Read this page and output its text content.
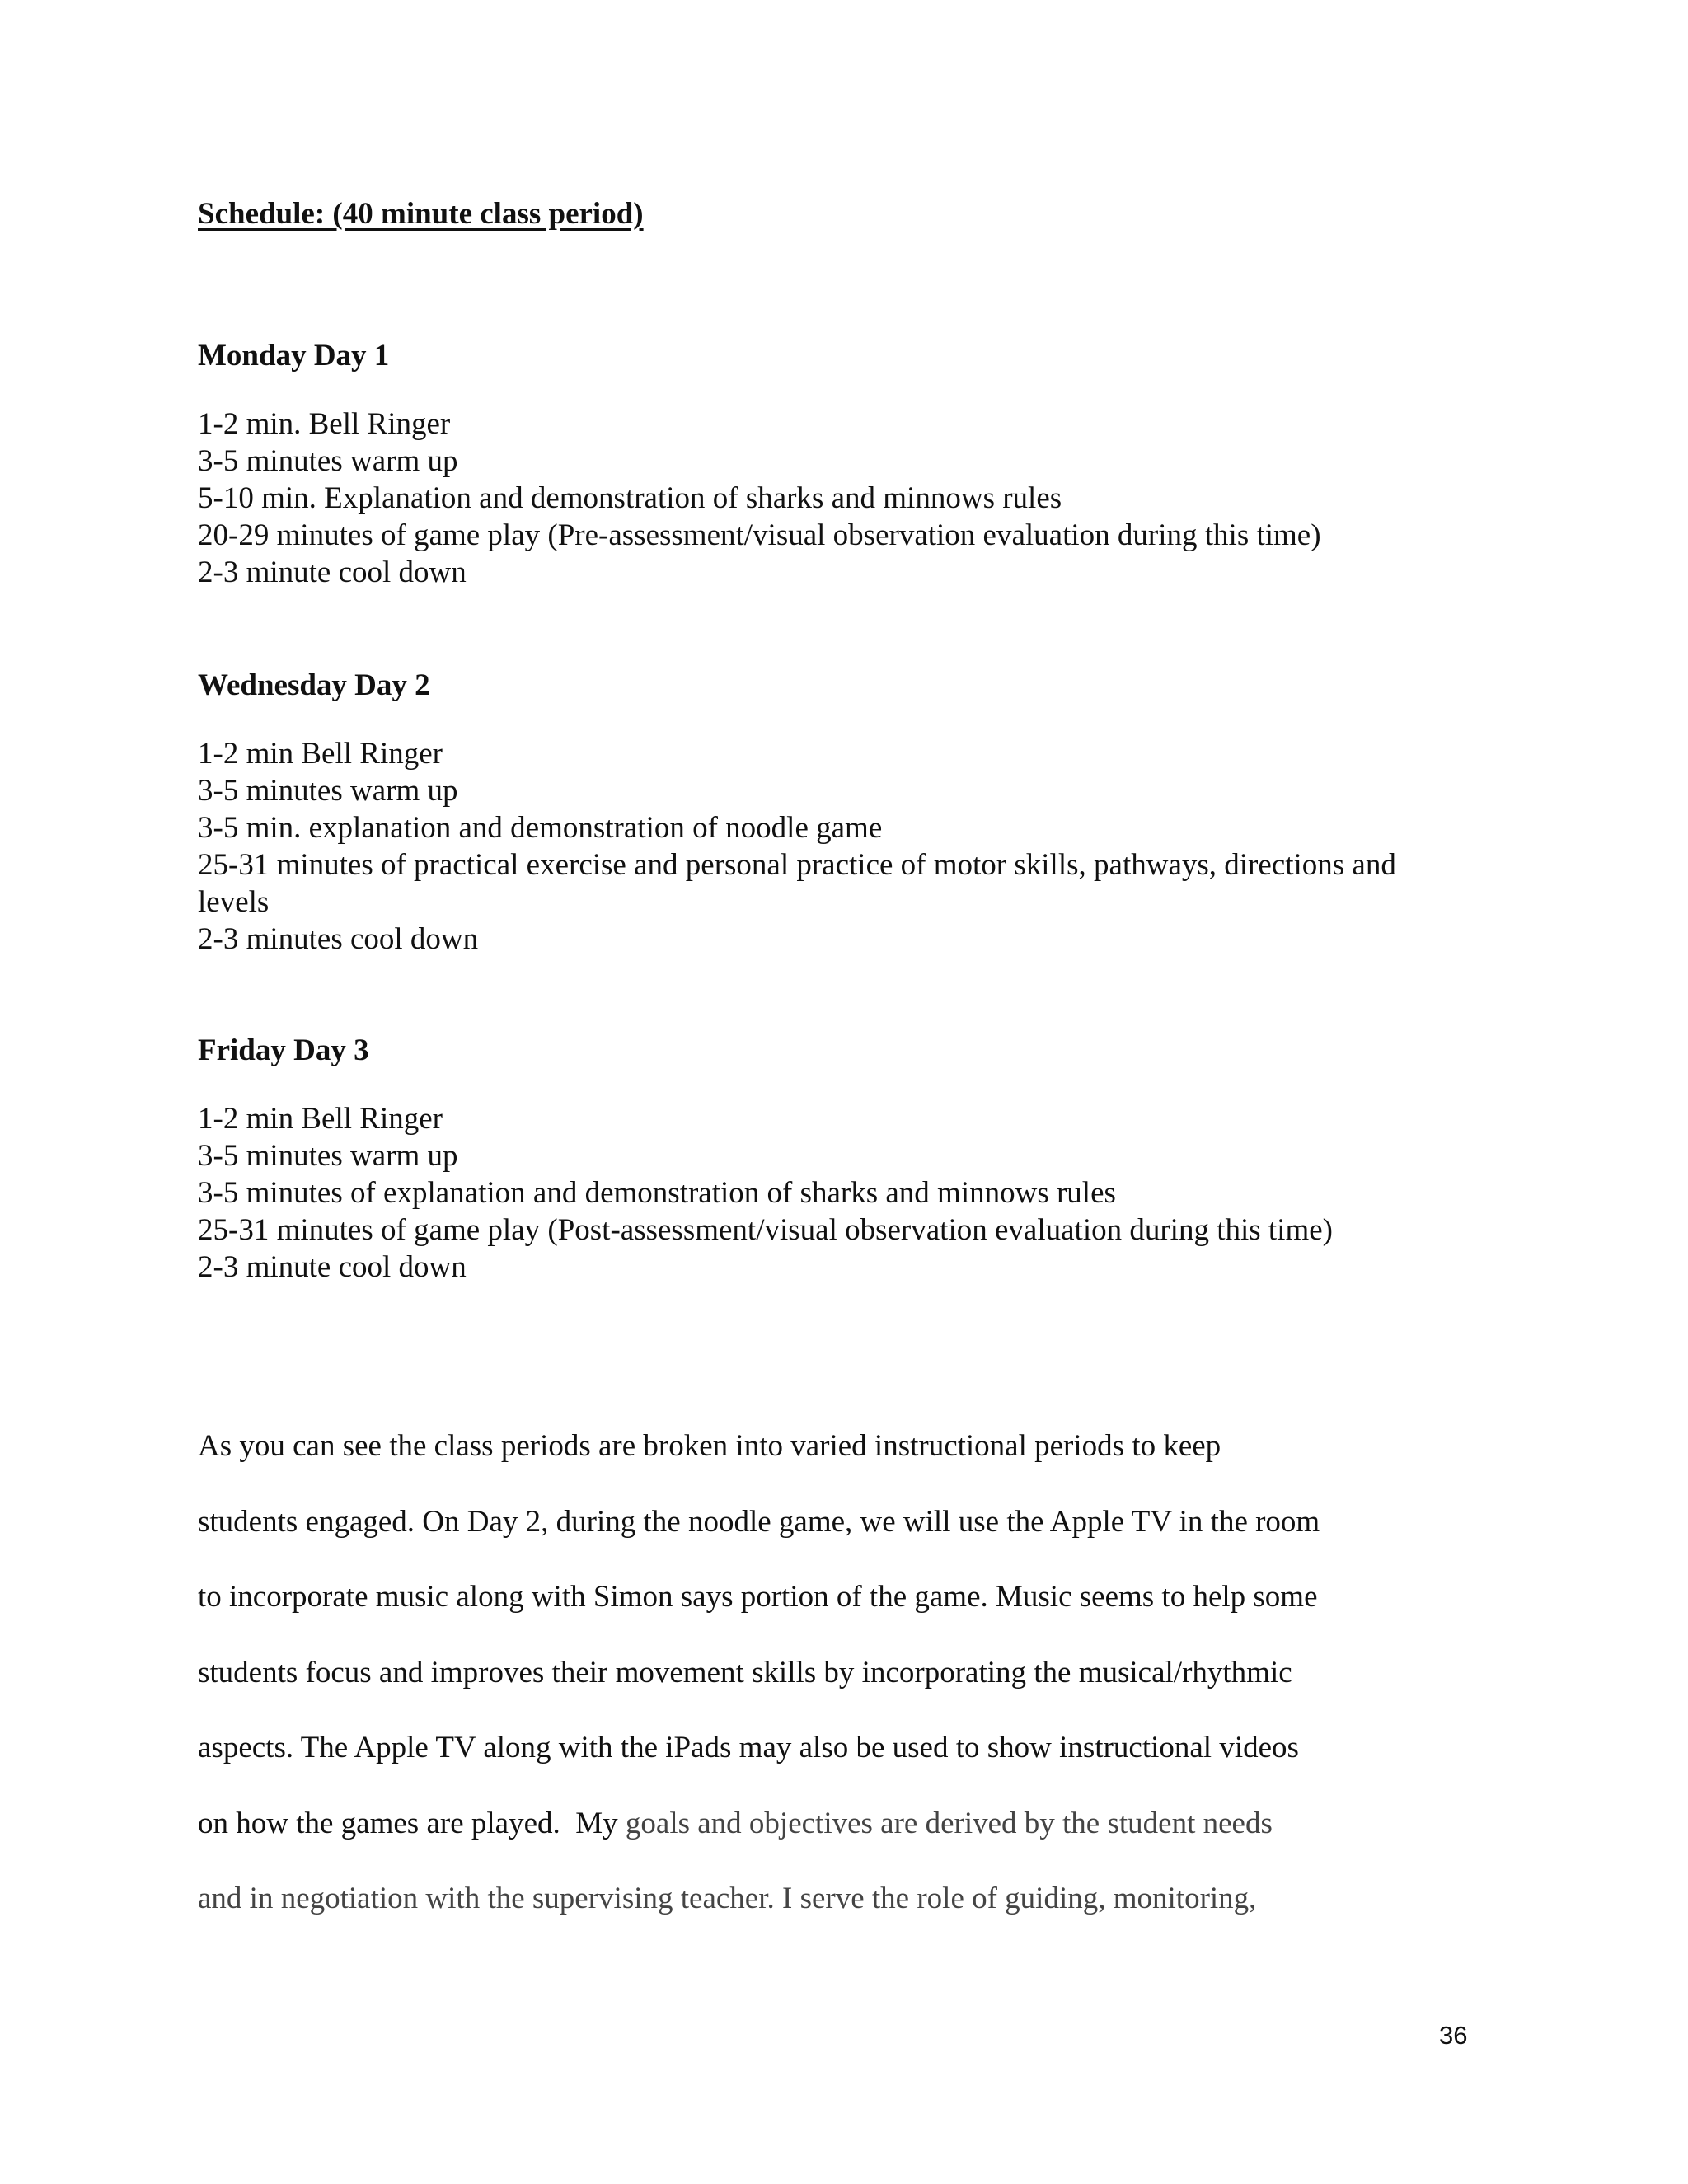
Schedule: (40 minute class period)
Monday Day 1
1-2 min. Bell Ringer
3-5 minutes warm up
5-10 min. Explanation and demonstration of sharks and minnows rules
20-29 minutes of game play (Pre-assessment/visual observation evaluation during this time)
2-3 minute cool down
Wednesday Day 2
1-2 min Bell Ringer
3-5 minutes warm up
3-5 min. explanation and demonstration of noodle game
25-31 minutes of practical exercise and personal practice of motor skills, pathways, directions and levels
2-3 minutes cool down
Friday Day 3
1-2 min Bell Ringer
3-5 minutes warm up
3-5 minutes of explanation and demonstration of sharks and minnows rules
25-31 minutes of game play (Post-assessment/visual observation evaluation during this time)
2-3 minute cool down
As you can see the class periods are broken into varied instructional periods to keep
students engaged. On Day 2, during the noodle game, we will use the Apple TV in the room
to incorporate music along with Simon says portion of the game. Music seems to help some
students focus and improves their movement skills by incorporating the musical/rhythmic
aspects. The Apple TV along with the iPads may also be used to show instructional videos
on how the games are played.  My goals and objectives are derived by the student needs
and in negotiation with the supervising teacher. I serve the role of guiding, monitoring,
36
